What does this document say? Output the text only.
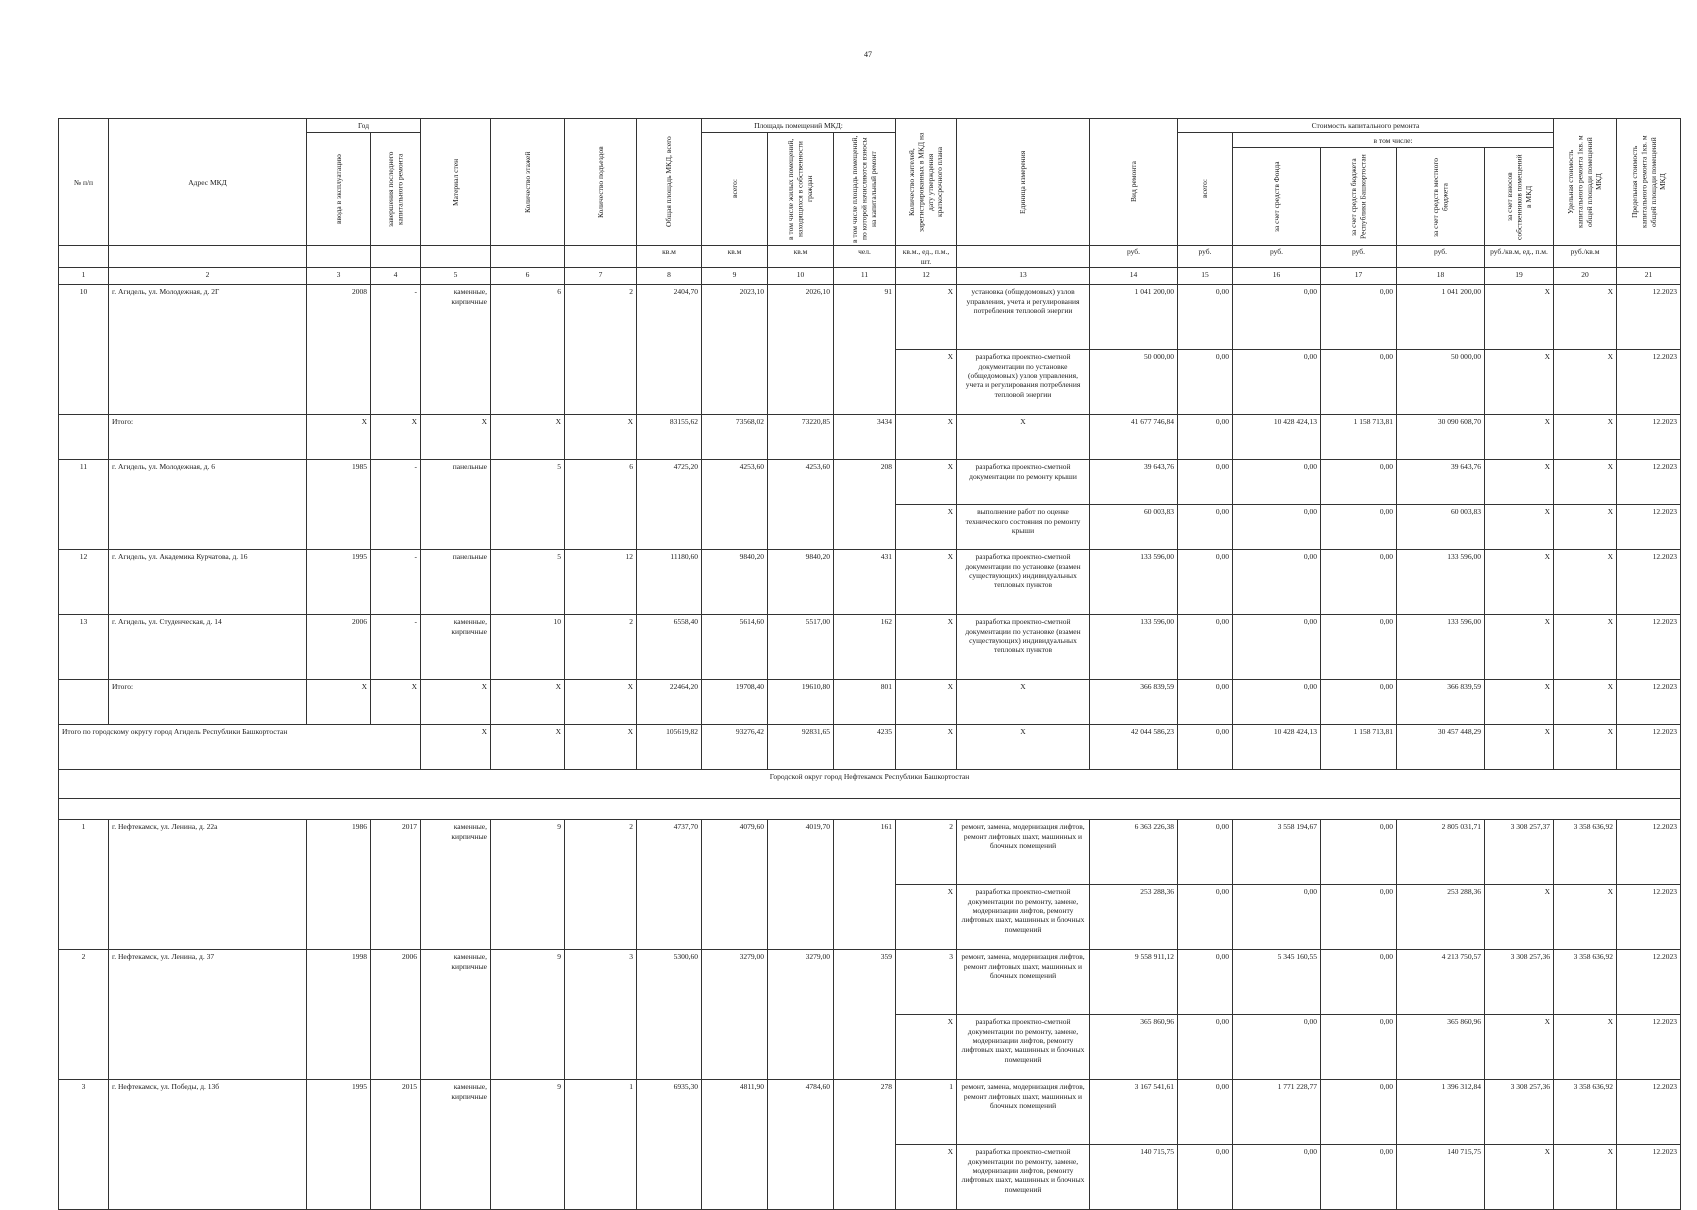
47
№ п/п	Адрес МКД	Год		Материал стен	Количество этажей	Количество подъездов	Общая площадь МКД, всего	Площадь помещений МКД:			Количество жителей, зарегистрированных в МКД на дату утверждения краткосрочного плана	Единица измерения	Вид ремонта	Стоимость капитального ремонта					Удельная стоимость капитального ремонта 1кв. м общей площади помещений МКД	Предельная стоимость капитального ремонта 1кв. м общей площади помещений МКД

		ввода в эксплуатацию	завершения последнего капитального ремонта					всего:	в том числе жилых помещений, находящихся в собственности граждан	в том числе площадь помещений, по которой начисляются взносы на капитальный ремонт				всего:	в том числе:						

															за счет средств Фонда	за счет средств бюджета Республики Башкортостан	за счет средств местного бюджета	за счет взносов собственников помещений в МКД			

							кв.м	кв.м	кв.м	чел.	кв.м., ед., п.м., шт.		руб.	руб.	руб.	руб.	руб.	руб./кв.м, ед., п.м.	руб./кв.м		
1	2	3	4	5	6	7	8	9	10	11	12	13	14	15	16	17	18	19	20	21	
10	г. Агидель, ул. Молодежная, д. 2Г	2008	-	каменные, кирпичные	6	2	2404,70	2023,10	2026,10	91	X	установка (общедомовых) узлов управления, учета и регулирования потребления тепловой энергии	1 041 200,00	0,00	0,00	0,00	1 041 200,00	X	X	12.2023	
											X	разработка проектно-сметной документации по установке (общедомовых) узлов управления, учета и регулирования потребления тепловой энергии	50 000,00	0,00	0,00	0,00	50 000,00	X	X	12.2023	
	Итого:	X	X	X	X	X	83155,62	73568,02	73220,85	3434	X	X	41 677 746,84	0,00	10 428 424,13	1 158 713,81	30 090 608,70	X	X	12.2023	
11	г. Агидель, ул. Молодежная, д. 6	1985	-	панельные	5	6	4725,20	4253,60	4253,60	208	X	разработка проектно-сметной документации по ремонту крыши	39 643,76	0,00	0,00	0,00	39 643,76	X	X	12.2023	
											X	выполнение работ по оценке технического состояния по ремонту крыши	60 003,83	0,00	0,00	0,00	60 003,83	X	X	12.2023	
12	г. Агидель, ул. Академика Курчатова, д. 16	1995	-	панельные	5	12	11180,60	9840,20	9840,20	431	X	разработка проектно-сметной документации по установке (взамен существующих) индивидуальных тепловых пунктов	133 596,00	0,00	0,00	0,00	133 596,00	X	X	12.2023	
13	г. Агидель, ул. Студенческая, д. 14	2006	-	каменные, кирпичные	10	2	6558,40	5614,60	5517,00	162	X	разработка проектно-сметной документации по установке (взамен существующих) индивидуальных тепловых пунктов	133 596,00	0,00	0,00	0,00	133 596,00	X	X	12.2023	
	Итого:	X	X	X	X	X	22464,20	19708,40	19610,80	801	X	X	366 839,59	0,00	0,00	0,00	366 839,59	X	X	12.2023	
Итого по городскому округу город Агидель Республики Башкортостан				X	X	X	105619,82	93276,42	92831,65	4235	X	X	42 044 586,23	0,00	10 428 424,13	1 158 713,81	30 457 448,29	X	X	12.2023	
Городской округ город Нефтекамск Республики Башкортостан																					

1	г. Нефтекамск, ул. Ленина, д. 22а	1986	2017	каменные, кирпичные	9	2	4737,70	4079,60	4019,70	161	2	ремонт, замена, модернизация лифтов, ремонт лифтовых шахт, машинных и блочных помещений	6 363 226,38	0,00	3 558 194,67	0,00	2 805 031,71	3 308 257,37	3 358 636,92	12.2023	
											X	разработка проектно-сметной документации по ремонту, замене, модернизации лифтов, ремонту лифтовых шахт, машинных и блочных помещений	253 288,36	0,00	0,00	0,00	253 288,36	X	X	12.2023	
2	г. Нефтекамск, ул. Ленина, д. 37	1998	2006	каменные, кирпичные	9	3	5300,60	3279,00	3279,00	359	3	ремонт, замена, модернизация лифтов, ремонт лифтовых шахт, машинных и блочных помещений	9 558 911,12	0,00	5 345 160,55	0,00	4 213 750,57	3 308 257,36	3 358 636,92	12.2023	
											X	разработка проектно-сметной документации по ремонту, замене, модернизации лифтов, ремонту лифтовых шахт, машинных и блочных помещений	365 860,96	0,00	0,00	0,00	365 860,96	X	X	12.2023	
3	г. Нефтекамск, ул. Победы, д. 13б	1995	2015	каменные, кирпичные	9	1	6935,30	4811,90	4784,60	278	1	ремонт, замена, модернизация лифтов, ремонт лифтовых шахт, машинных и блочных помещений	3 167 541,61	0,00	1 771 228,77	0,00	1 396 312,84	3 308 257,36	3 358 636,92	12.2023	
											X	разработка проектно-сметной документации по ремонту, замене, модернизации лифтов, ремонту лифтовых шахт, машинных и блочных помещений	140 715,75	0,00	0,00	0,00	140 715,75	X	X	12.2023	
